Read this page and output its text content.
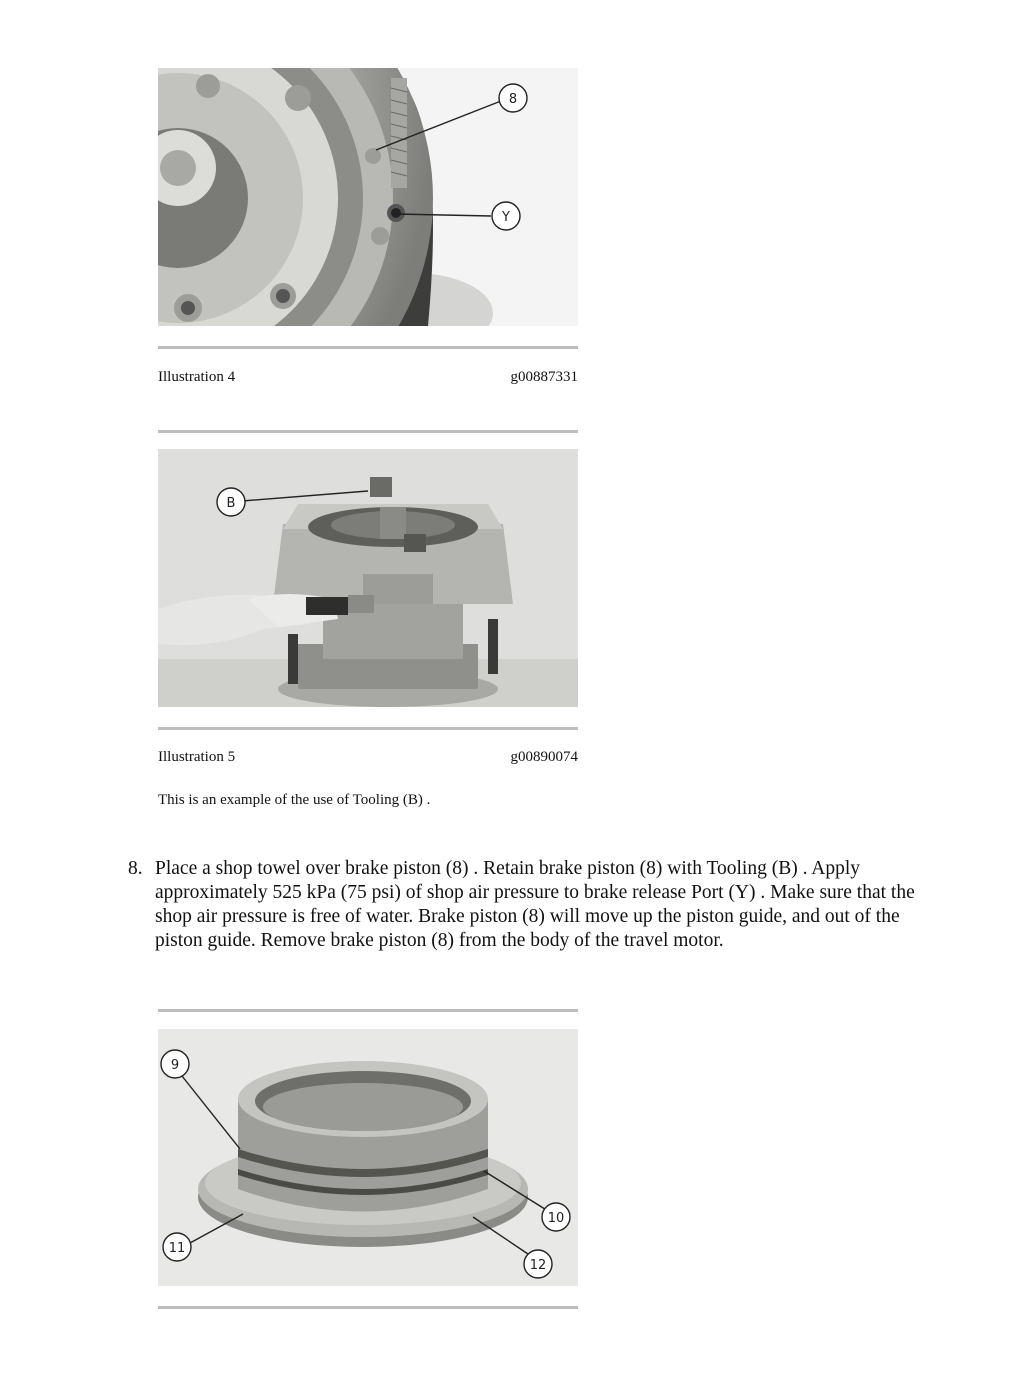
8
Y
Illustration 4	g00887331
B
Illustration 5	g00890074
This is an example of the use of Tooling (B) .
8. Place a shop towel over brake piston (8) . Retain brake piston (8) with Tooling (B) . Apply approximately 525 kPa (75 psi) of shop air pressure to brake release Port (Y) . Make sure that the shop air pressure is free of water. Brake piston (8) will move up the piston guide, and out of the piston guide. Remove brake piston (8) from the body of the travel motor.
9
10
11
12
